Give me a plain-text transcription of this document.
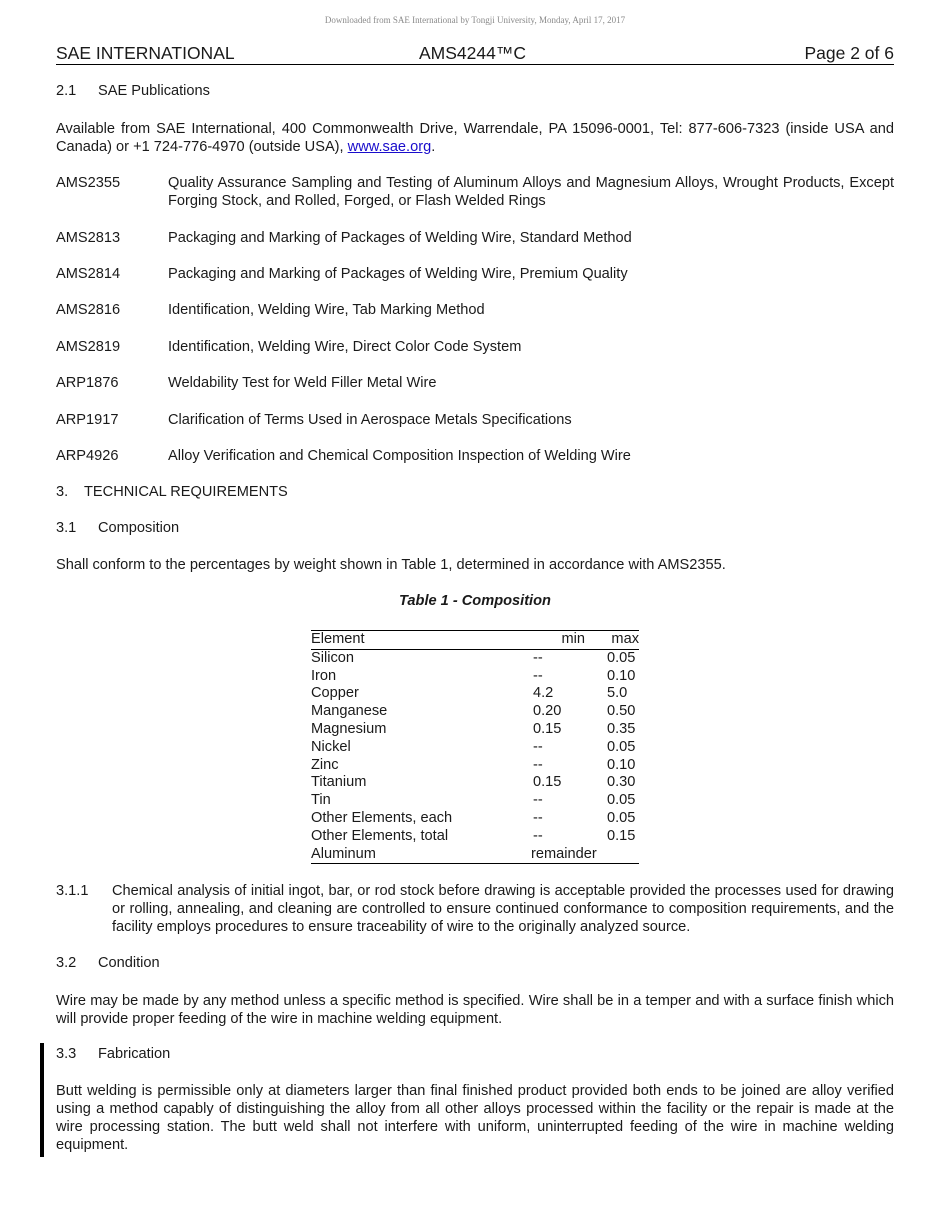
Downloaded from SAE International by Tongji University, Monday, April 17, 2017
SAE INTERNATIONAL	AMS4244™C	Page 2 of 6
2.1 SAE Publications
Available from SAE International, 400 Commonwealth Drive, Warrendale, PA 15096-0001, Tel: 877-606-7323 (inside USA and Canada) or +1 724-776-4970 (outside USA), www.sae.org.
AMS2355	Quality Assurance Sampling and Testing of Aluminum Alloys and Magnesium Alloys, Wrought Products, Except Forging Stock, and Rolled, Forged, or Flash Welded Rings
AMS2813	Packaging and Marking of Packages of Welding Wire, Standard Method
AMS2814	Packaging and Marking of Packages of Welding Wire, Premium Quality
AMS2816	Identification, Welding Wire, Tab Marking Method
AMS2819	Identification, Welding Wire, Direct Color Code System
ARP1876	Weldability Test for Weld Filler Metal Wire
ARP1917	Clarification of Terms Used in Aerospace Metals Specifications
ARP4926	Alloy Verification and Chemical Composition Inspection of Welding Wire
3. TECHNICAL REQUIREMENTS
3.1 Composition
Shall conform to the percentages by weight shown in Table 1, determined in accordance with AMS2355.
Table 1 - Composition
Element	min	max
Silicon	--	0.05
Iron	--	0.10
Copper	4.2	5.0
Manganese	0.20	0.50
Magnesium	0.15	0.35
Nickel	--	0.05
Zinc	--	0.10
Titanium	0.15	0.30
Tin	--	0.05
Other Elements, each	--	0.05
Other Elements, total	--	0.15
Aluminum	remainder	
3.1.1 Chemical analysis of initial ingot, bar, or rod stock before drawing is acceptable provided the processes used for drawing or rolling, annealing, and cleaning are controlled to ensure continued conformance to composition requirements, and the facility employs procedures to ensure traceability of wire to the originally analyzed source.
3.2 Condition
Wire may be made by any method unless a specific method is specified. Wire shall be in a temper and with a surface finish which will provide proper feeding of the wire in machine welding equipment.
3.3 Fabrication
Butt welding is permissible only at diameters larger than final finished product provided both ends to be joined are alloy verified using a method capably of distinguishing the alloy from all other alloys processed within the facility or the repair is made at the wire processing station. The butt weld shall not interfere with uniform, uninterrupted feeding of the wire in machine welding equipment.
